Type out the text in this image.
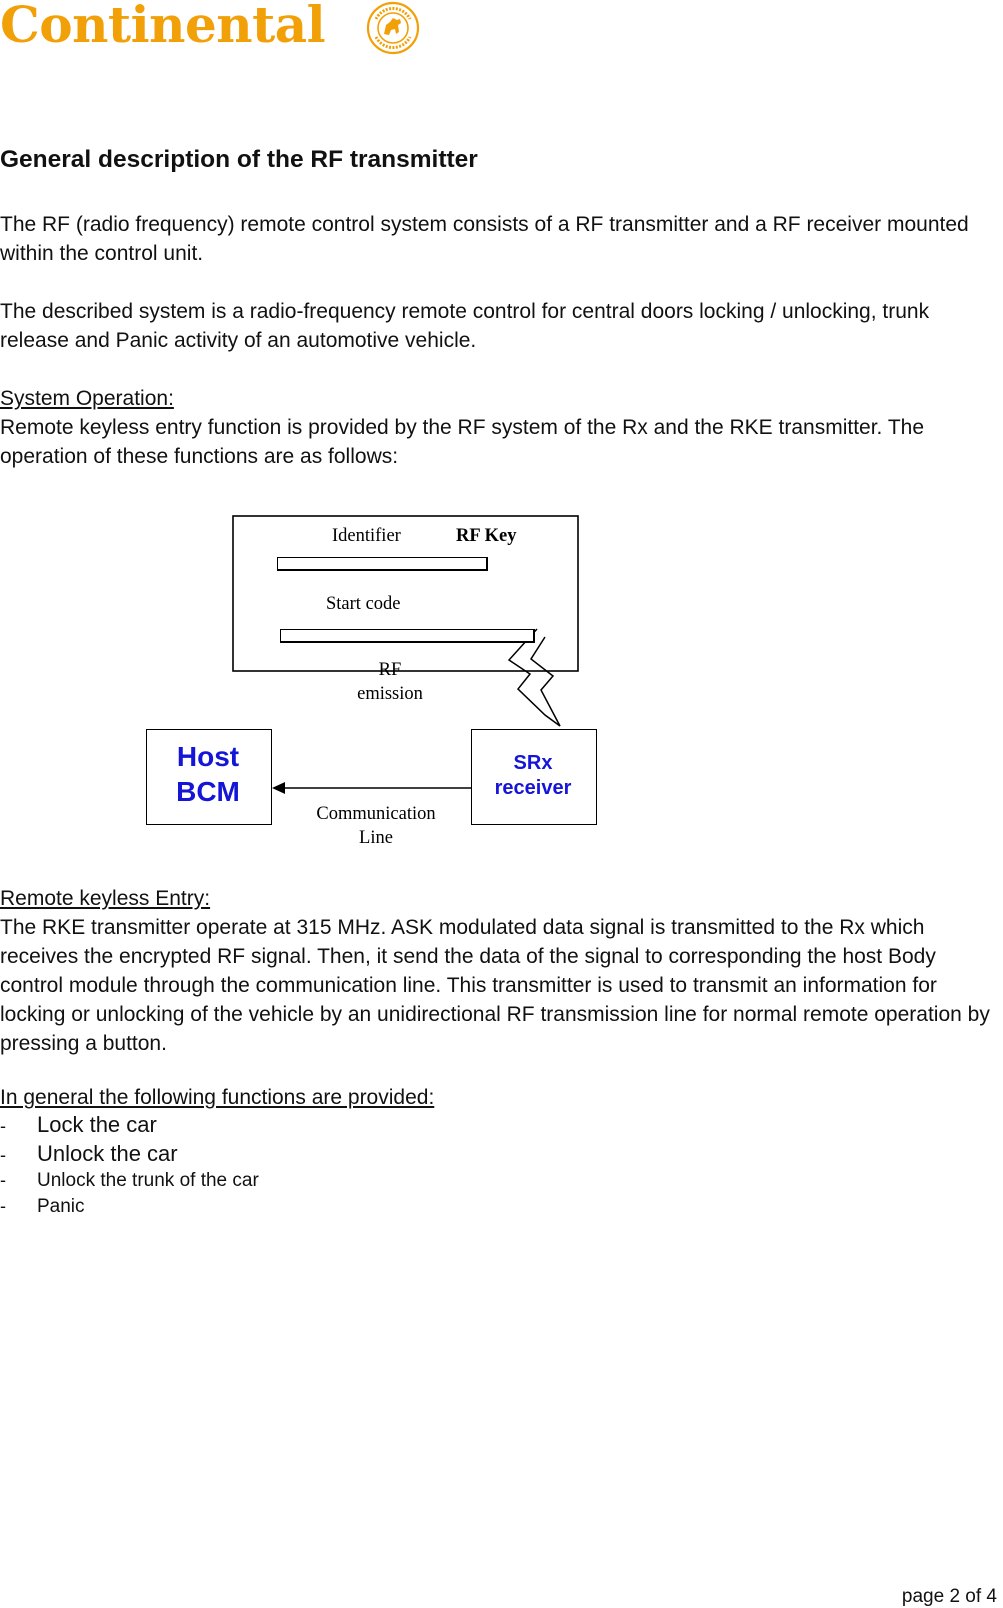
Continental
General description of the RF transmitter

The RF (radio frequency) remote control system consists of a RF transmitter and a RF receiver mounted within the control unit.

The described system is a radio-frequency remote control for central doors locking / unlocking, trunk release and Panic activity of an automotive vehicle.

System Operation:

Remote keyless entry function is provided by the RF system of the Rx and the RKE transmitter. The operation of these functions are as follows:

Identifier	RF Key
Start code
RF
emission
Host
BCM
SRx
receiver
Communication
Line

Remote keyless Entry:

The RKE transmitter operate at 315 MHz. ASK modulated data signal is transmitted to the Rx which receives the encrypted RF signal. Then, it send the data of the signal to corresponding the host Body control module through the communication line. This transmitter is used to transmit an information for locking or unlocking of the vehicle by an unidirectional RF transmission line for normal remote operation by pressing a button.

In general the following functions are provided:

-	Lock the car
-	Unlock the car
-	Unlock the trunk of the car
-	Panic
page 2 of 4
